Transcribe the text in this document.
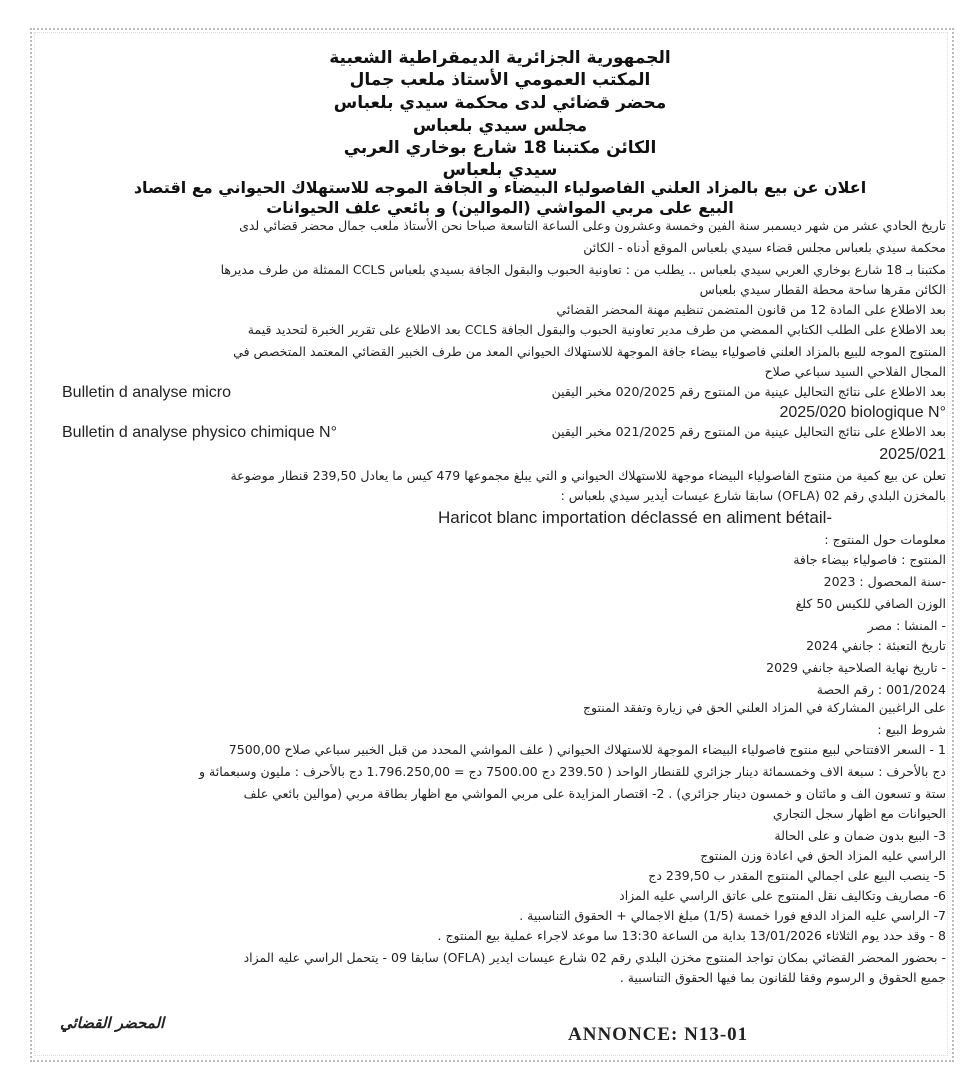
الجمهورية الجزائرية الديمقراطية الشعبية
المكتب العمومي الأستاذ ملعب جمال
محضر قضائي لدى محكمة سيدي بلعباس
مجلس سيدي بلعباس
الكائن مكتبنا 18 شارع بوخاري العربي
سيدي بلعباس
اعلان عن بيع بالمزاد العلني الفاصولياء البيضاء و الجافة الموجه للاستهلاك الحيواني مع اقتصاد
البيع على مربي المواشي (الموالين) و بائعي علف الحيوانات
تاريخ الحادي عشر من شهر ديسمبر سنة الفين وخمسة وعشرون وعلى الساعة التاسعة صباحا نحن الأستاذ ملعب جمال محضر قضائي لدى
محكمة سيدي بلعباس مجلس قضاء سيدي بلعباس الموقع أدناه - الكائن
مكتبنا بـ 18 شارع بوخاري العربي سيدي بلعباس .. يطلب من : تعاونية الحبوب والبقول الجافة بسيدي بلعباس CCLS الممثلة من طرف مديرها
الكائن مقرها ساحة محطة القطار سيدي بلعباس
بعد الاطلاع على المادة 12 من قانون المتضمن تنظيم مهنة المحضر القضائي
بعد الاطلاع على الطلب الكتابي الممضي من طرف مدير تعاونية الحبوب والبقول الجافة CCLS بعد الاطلاع على تقرير الخبرة لتحديد قيمة
المنتوج الموجه للبيع بالمزاد العلني فاصولياء بيضاء جافة الموجهة للاستهلاك الحيواني المعد من طرف الخبير القضائي المعتمد المتخصص في
المجال الفلاحي السيد سباعي صلاح
بعد الاطلاع على نتائج التحاليل عينية من المنتوج رقم 020/2025 مخبر اليقين
Bulletin d analyse micro
2025/020 biologique N°
بعد الاطلاع على نتائج التحاليل عينية من المنتوج رقم 021/2025 مخبر اليقين
Bulletin d analyse physico chimique N°
2025/021
تعلن عن بيع كمية من منتوج الفاصولياء البيضاء موجهة للاستهلاك الحيواني و التي يبلغ مجموعها 479 كيس ما يعادل 239,50 قنطار موضوعة
بالمخزن البلدي رقم 02 (OFLA) سابقا شارع عيسات أيدير سيدي بلعباس :
Haricot blanc importation déclassé en aliment bétail-
معلومات حول المنتوج :
المنتوج : فاصولياء بيضاء جافة
-سنة المحصول : 2023
الوزن الصافي للكيس 50 كلغ
- المنشا : مصر
تاريخ التعبئة : جانفي 2024
- تاريخ نهاية الصلاحية جانفي 2029
001/2024 : رقم الحصة
على الراغبين المشاركة في المزاد العلني الحق في زيارة وتفقد المنتوج
شروط البيع :
1 - السعر الافتتاحي لبيع منتوج فاصولياء البيضاء الموجهة للاستهلاك الحيواني ( علف المواشي المحدد من قبل الخبير سباعي صلاح 7500,00
دج بالأحرف : سبعة الاف وخمسمائة دينار جزائري للقنطار الواحد ( 239.50 دج 7500.00 دج = 1.796.250,00 دج بالأحرف : مليون وسبعمائة و
ستة و تسعون الف و مائتان و خمسون دينار جزائري) . 2- اقتصار المزايدة على مربي المواشي مع اظهار بطاقة مربي (موالين بائعي علف
الحيوانات مع اظهار سجل التجاري
3- البيع بدون ضمان و على الحالة
الراسي عليه المزاد الحق في اعادة وزن المنتوج
5- ينصب البيع على اجمالي المنتوج المقدر ب 239,50 دج
6- مصاريف وتكاليف نقل المنتوج على عاتق الراسي عليه المزاد
7- الراسي عليه المزاد الدفع فورا خمسة (1/5) مبلغ الاجمالي + الحقوق التناسبية .
8 - وقد حدد يوم الثلاثاء 13/01/2026 بداية من الساعة 13:30 سا موعد لاجراء عملية بيع المنتوج .
- بحضور المحضر القضائي بمكان تواجد المنتوج مخزن البلدي رقم 02 شارع عيسات ايدير (OFLA) سابقا 09 - يتحمل الراسي عليه المزاد
جميع الحقوق و الرسوم وفقا للقانون بما فيها الحقوق التناسبية .
المحضر القضائي
ANNONCE: N13-01
